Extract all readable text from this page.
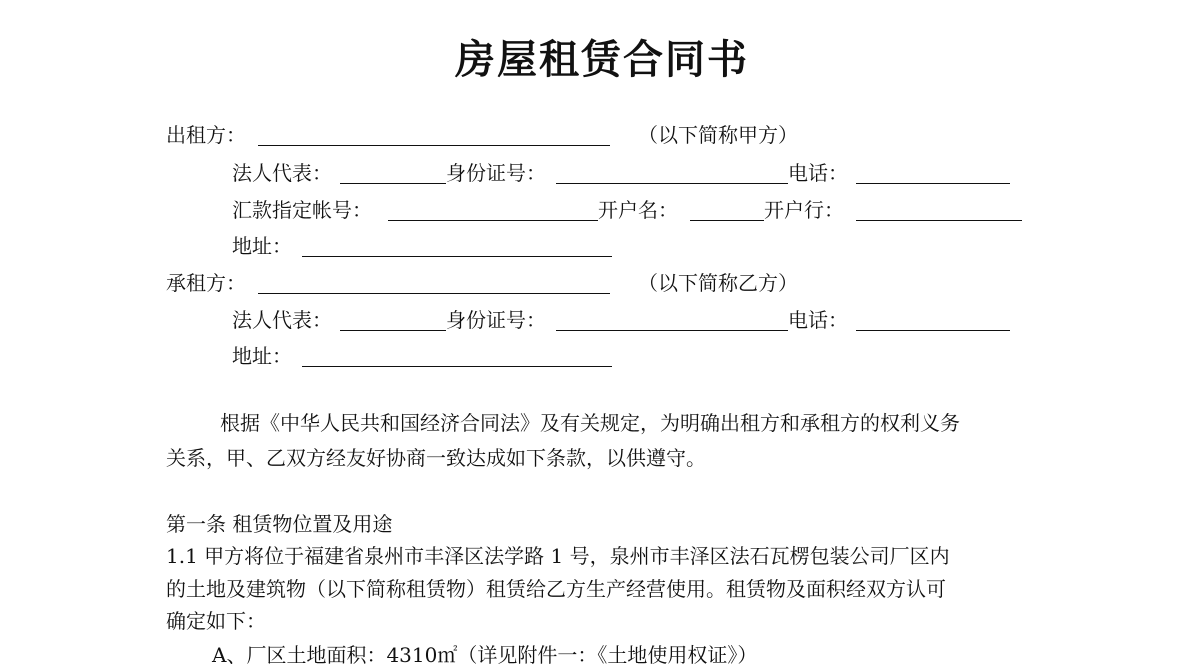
房屋租赁合同书
出租方：	（以下简称甲方）
法人代表：	身份证号：	电话：
汇款指定帐号：	开户名：	开户行：
地址：
承租方：	（以下简称乙方）
法人代表：	身份证号：	电话：
地址：
根据《中华人民共和国经济合同法》及有关规定，为明确出租方和承租方的权利义务
关系，甲、乙双方经友好协商一致达成如下条款，以供遵守。
第一条 租赁物位置及用途
1.1 甲方将位于福建省泉州市丰泽区法学路 1 号，泉州市丰泽区法石瓦楞包装公司厂区内
的土地及建筑物（以下简称租赁物）租赁给乙方生产经营使用。租赁物及面积经双方认可
确定如下：
A、厂区土地面积：4310㎡（详见附件一：《土地使用权证》）
